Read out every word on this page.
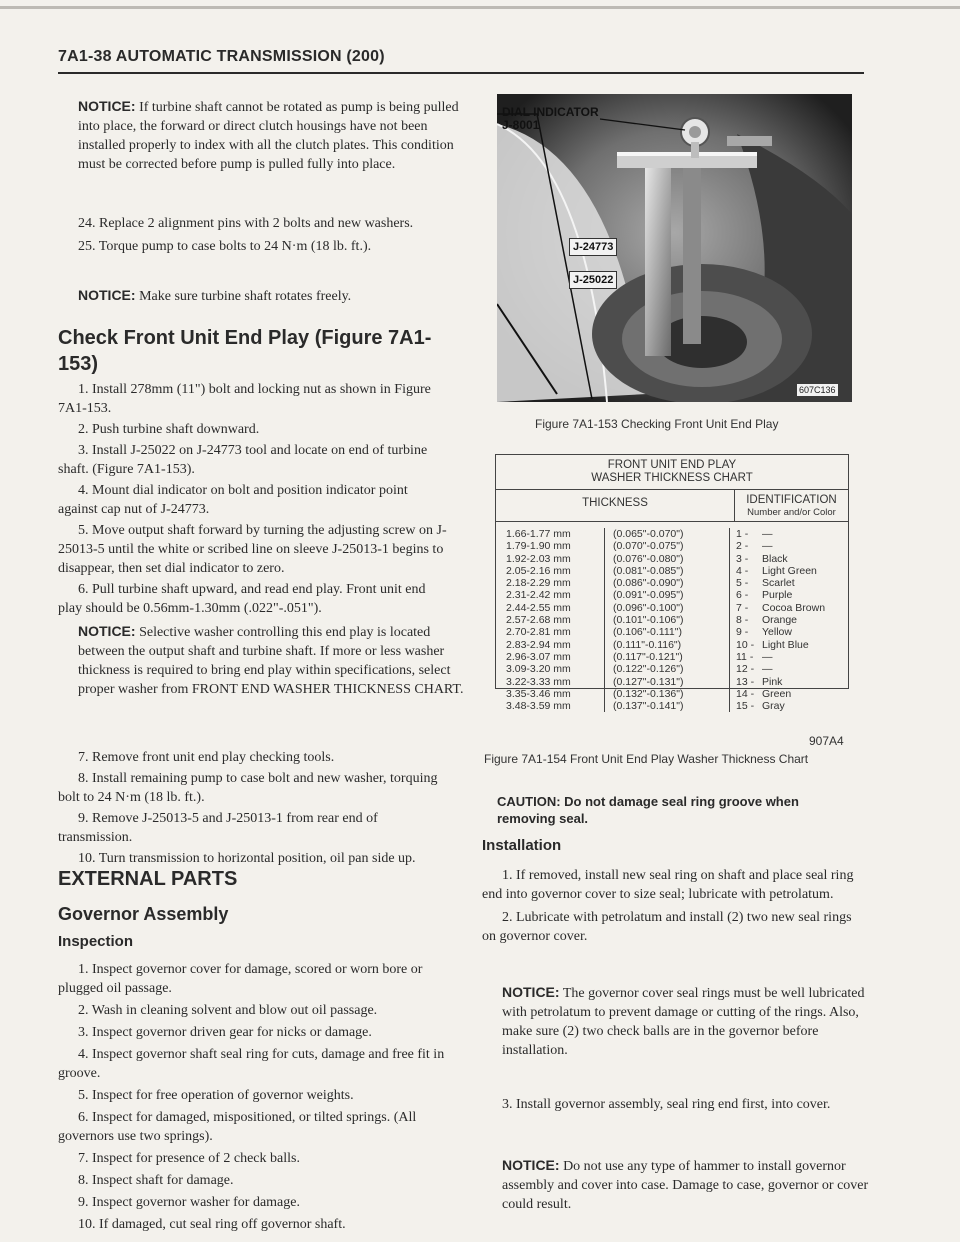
7A1-38 AUTOMATIC TRANSMISSION (200)

NOTICE: If turbine shaft cannot be rotated as pump is being pulled into place, the forward or direct clutch housings have not been installed properly to index with all the clutch plates. This condition must be corrected before pump is pulled fully into place.

24. Replace 2 alignment pins with 2 bolts and new washers.

25. Torque pump to case bolts to 24 N·m (18 lb. ft.).

NOTICE: Make sure turbine shaft rotates freely.

Check Front Unit End Play (Figure 7A1-153)

1. Install 278mm (11") bolt and locking nut as shown in Figure 7A1-153.

2. Push turbine shaft downward.

3. Install J-25022 on J-24773 tool and locate on end of turbine shaft. (Figure 7A1-153).

4. Mount dial indicator on bolt and position indicator point against cap nut of J-24773.

5. Move output shaft forward by turning the adjusting screw on J-25013-5 until the white or scribed line on sleeve J-25013-1 begins to disappear, then set dial indicator to zero.

6. Pull turbine shaft upward, and read end play. Front unit end play should be 0.56mm-1.30mm (.022"-.051").

NOTICE: Selective washer controlling this end play is located between the output shaft and turbine shaft. If more or less washer thickness is required to bring end play within specifications, select proper washer from FRONT END WASHER THICKNESS CHART.

7. Remove front unit end play checking tools.

8. Install remaining pump to case bolt and new washer, torquing bolt to 24 N·m (18 lb. ft.).

9. Remove J-25013-5 and J-25013-1 from rear end of transmission.

10. Turn transmission to horizontal position, oil pan side up.

EXTERNAL PARTS
Governor Assembly
Inspection

1. Inspect governor cover for damage, scored or worn bore or plugged oil passage.

2. Wash in cleaning solvent and blow out oil passage.

3. Inspect governor driven gear for nicks or damage.

4. Inspect governor shaft seal ring for cuts, damage and free fit in groove.

5. Inspect for free operation of governor weights.

6. Inspect for damaged, mispositioned, or tilted springs. (All governors use two springs).

7. Inspect for presence of 2 check balls.

8. Inspect shaft for damage.

9. Inspect governor washer for damage.

10. If damaged, cut seal ring off governor shaft.

DIAL INDICATOR
J-8001
J-24773
J-25022
607C136
Figure 7A1-153 Checking Front Unit End Play
FRONT UNIT END PLAY
WASHER THICKNESS CHART
THICKNESS	IDENTIFICATION
Number and/or Color
1.66-1.77 mm
1.79-1.90 mm
1.92-2.03 mm
2.05-2.16 mm
2.18-2.29 mm
2.31-2.42 mm
2.44-2.55 mm
2.57-2.68 mm
2.70-2.81 mm
2.83-2.94 mm
2.96-3.07 mm
3.09-3.20 mm
3.22-3.33 mm
3.35-3.46 mm
3.48-3.59 mm
(0.065"-0.070")
(0.070"-0.075")
(0.076"-0.080")
(0.081"-0.085")
(0.086"-0.090")
(0.091"-0.095")
(0.096"-0.100")
(0.101"-0.106")
(0.106"-0.111")
(0.111"-0.116")
(0.117"-0.121")
(0.122"-0.126")
(0.127"-0.131")
(0.132"-0.136")
(0.137"-0.141")
1 -
2 -
3 -
4 -
5 -
6 -
7 -
8 -
9 -
10 -
11 -
12 -
13 -
14 -
15 -
—
—
Black
Light Green
Scarlet
Purple
Cocoa Brown
Orange
Yellow
Light Blue
—
—
Pink
Green
Gray
907A4
Figure 7A1-154 Front Unit End Play Washer Thickness Chart
CAUTION: Do not damage seal ring groove when removing seal.
Installation

1. If removed, install new seal ring on shaft and place seal ring end into governor cover to size seal; lubricate with petrolatum.

2. Lubricate with petrolatum and install (2) two new seal rings on governor cover.

NOTICE: The governor cover seal rings must be well lubricated with petrolatum to prevent damage or cutting of the rings. Also, make sure (2) two check balls are in the governor before installation.

3. Install governor assembly, seal ring end first, into cover.

NOTICE: Do not use any type of hammer to install governor assembly and cover into case. Damage to case, governor or cover could result.
